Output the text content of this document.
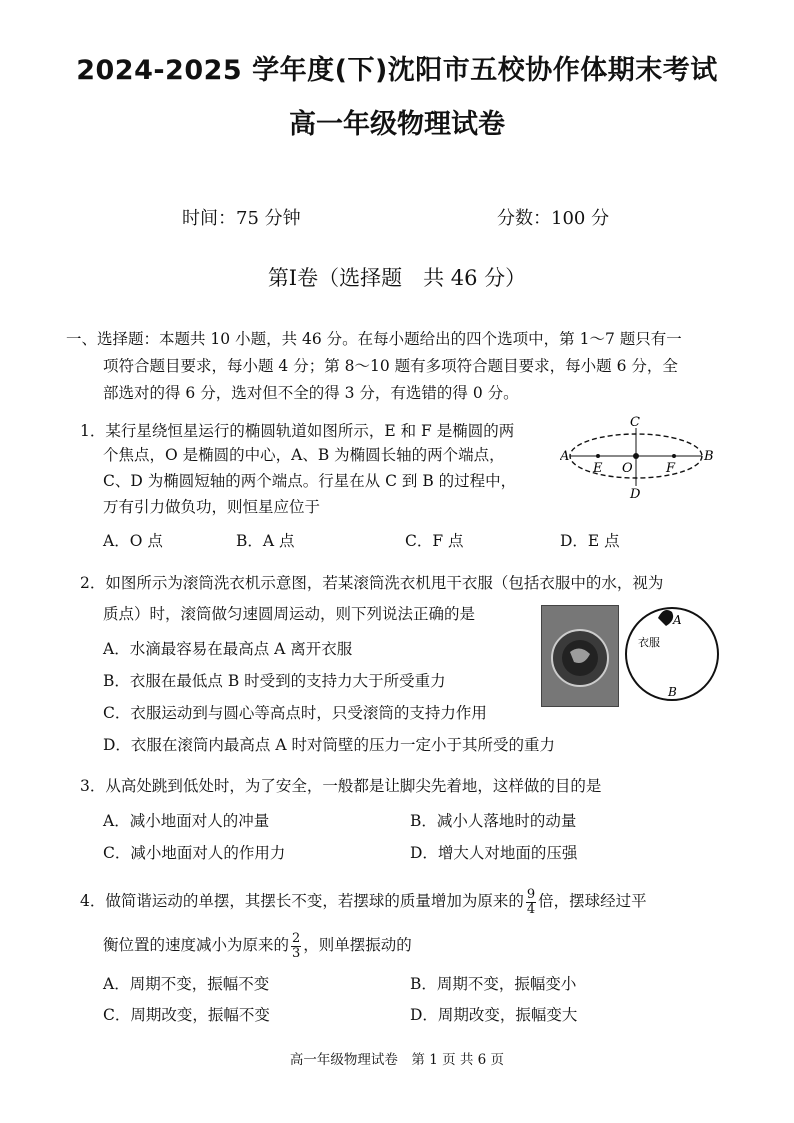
2024-2025 学年度(下)沈阳市五校协作体期末考试
高一年级物理试卷
时间：75 分钟	分数：100 分
第Ⅰ卷（选择题　共 46 分）
一、选择题：本题共 10 小题，共 46 分。在每小题给出的四个选项中，第 1～7 题只有一
项符合题目要求，每小题 4 分；第 8～10 题有多项符合题目要求，每小题 6 分，全
部选对的得 6 分，选对但不全的得 3 分，有选错的得 0 分。
1．某行星绕恒星运行的椭圆轨道如图所示，E 和 F 是椭圆的两
个焦点，O 是椭圆的中心，A、B 为椭圆长轴的两个端点，
C、D 为椭圆短轴的两个端点。行星在从 C 到 B 的过程中，
万有引力做负功，则恒星应位于
A．O 点	B．A 点	C．F 点	D．E 点
A	B
C
D
E	F
O
2．如图所示为滚筒洗衣机示意图，若某滚筒洗衣机甩干衣服（包括衣服中的水，视为
质点）时，滚筒做匀速圆周运动，则下列说法正确的是
A．水滴最容易在最高点 A 离开衣服
B．衣服在最低点 B 时受到的支持力大于所受重力
C．衣服运动到与圆心等高点时，只受滚筒的支持力作用
D．衣服在滚筒内最高点 A 时对筒壁的压力一定小于其所受的重力
A
B
衣服
3．从高处跳到低处时，为了安全，一般都是让脚尖先着地，这样做的目的是
A．减小地面对人的冲量	B．减小人落地时的动量
C．减小地面对人的作用力	D．增大人对地面的压强
4．做简谐运动的单摆，其摆长不变，若摆球的质量增加为原来的 $\frac{9}{4}$ 倍，摆球经过平
衡位置的速度减小为原来的 $\frac{2}{3}$ ，则单摆振动的
A．周期不变，振幅不变	B．周期不变，振幅变小
C．周期改变，振幅不变	D．周期改变，振幅变大
高一年级物理试卷　第 1 页 共 6 页
